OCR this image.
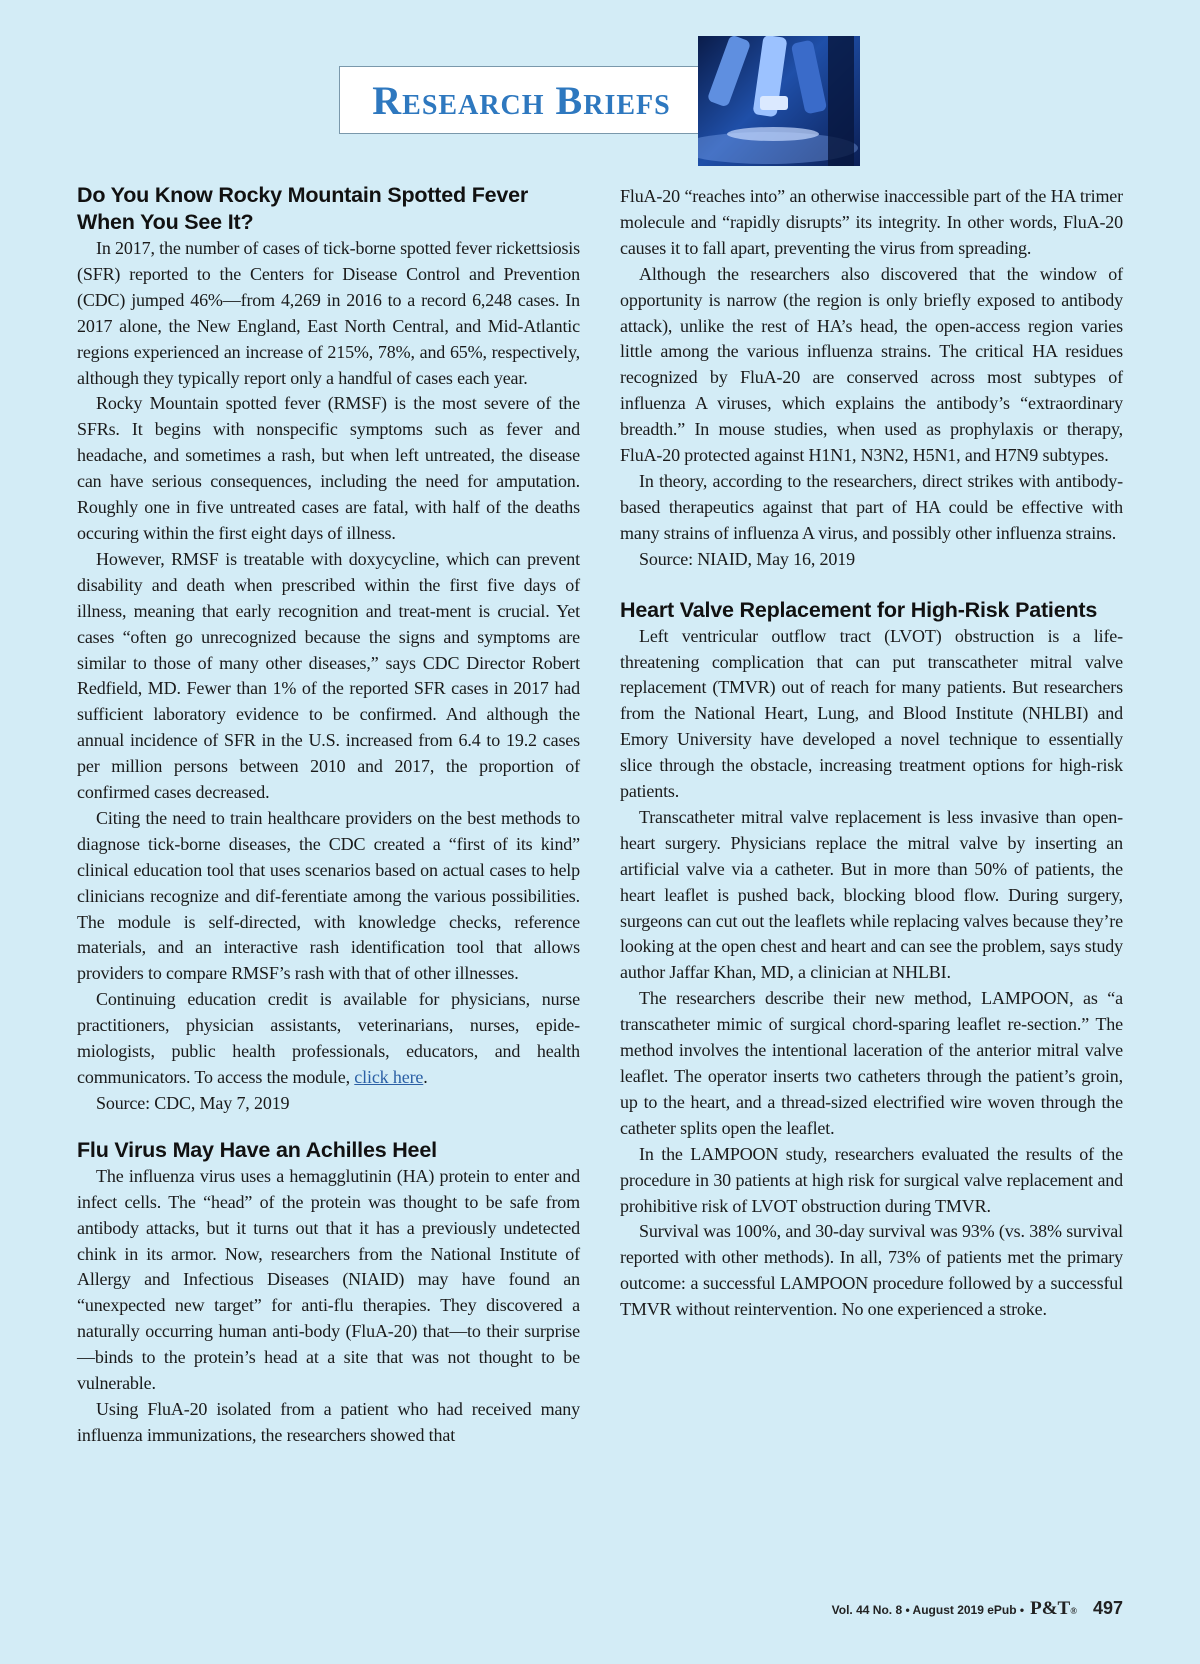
Research Briefs
Do You Know Rocky Mountain Spotted Fever When You See It?

In 2017, the number of cases of tick-borne spotted fever rickettsiosis (SFR) reported to the Centers for Disease Control and Prevention (CDC) jumped 46%—from 4,269 in 2016 to a record 6,248 cases. In 2017 alone, the New England, East North Central, and Mid-Atlantic regions experienced an increase of 215%, 78%, and 65%, respectively, although they typically report only a handful of cases each year.

Rocky Mountain spotted fever (RMSF) is the most severe of the SFRs. It begins with nonspecific symptoms such as fever and headache, and sometimes a rash, but when left untreated, the disease can have serious consequences, including the need for amputation. Roughly one in five untreated cases are fatal, with half of the deaths occuring within the first eight days of illness.

However, RMSF is treatable with doxycycline, which can prevent disability and death when prescribed within the first five days of illness, meaning that early recognition and treat-ment is crucial. Yet cases “often go unrecognized because the signs and symptoms are similar to those of many other diseases,” says CDC Director Robert Redfield, MD. Fewer than 1% of the reported SFR cases in 2017 had sufficient laboratory evidence to be confirmed. And although the annual incidence of SFR in the U.S. increased from 6.4 to 19.2 cases per million persons between 2010 and 2017, the proportion of confirmed cases decreased.

Citing the need to train healthcare providers on the best methods to diagnose tick-borne diseases, the CDC created a “first of its kind” clinical education tool that uses scenarios based on actual cases to help clinicians recognize and dif-ferentiate among the various possibilities. The module is self-directed, with knowledge checks, reference materials, and an interactive rash identification tool that allows providers to compare RMSF’s rash with that of other illnesses.

Continuing education credit is available for physicians, nurse practitioners, physician assistants, veterinarians, nurses, epide-miologists, public health professionals, educators, and health communicators. To access the module, click here.

Source: CDC, May 7, 2019

Flu Virus May Have an Achilles Heel

The influenza virus uses a hemagglutinin (HA) protein to enter and infect cells. The “head” of the protein was thought to be safe from antibody attacks, but it turns out that it has a previously undetected chink in its armor. Now, researchers from the National Institute of Allergy and Infectious Diseases (NIAID) may have found an “unexpected new target” for anti-flu therapies. They discovered a naturally occurring human anti-body (FluA-20) that—to their surprise—binds to the protein’s head at a site that was not thought to be vulnerable.

Using FluA-20 isolated from a patient who had received many influenza immunizations, the researchers showed that

FluA-20 “reaches into” an otherwise inaccessible part of the HA trimer molecule and “rapidly disrupts” its integrity. In other words, FluA-20 causes it to fall apart, preventing the virus from spreading.

Although the researchers also discovered that the window of opportunity is narrow (the region is only briefly exposed to antibody attack), unlike the rest of HA’s head, the open-access region varies little among the various influenza strains. The critical HA residues recognized by FluA-20 are conserved across most subtypes of influenza A viruses, which explains the antibody’s “extraordinary breadth.” In mouse studies, when used as prophylaxis or therapy, FluA-20 protected against H1N1, N3N2, H5N1, and H7N9 subtypes.

In theory, according to the researchers, direct strikes with antibody-based therapeutics against that part of HA could be effective with many strains of influenza A virus, and possibly other influenza strains.

Source: NIAID, May 16, 2019

Heart Valve Replacement for High-Risk Patients

Left ventricular outflow tract (LVOT) obstruction is a life-threatening complication that can put transcatheter mitral valve replacement (TMVR) out of reach for many patients. But researchers from the National Heart, Lung, and Blood Institute (NHLBI) and Emory University have developed a novel technique to essentially slice through the obstacle, increasing treatment options for high-risk patients.

Transcatheter mitral valve replacement is less invasive than open-heart surgery. Physicians replace the mitral valve by inserting an artificial valve via a catheter. But in more than 50% of patients, the heart leaflet is pushed back, blocking blood flow. During surgery, surgeons can cut out the leaflets while replacing valves because they’re looking at the open chest and heart and can see the problem, says study author Jaffar Khan, MD, a clinician at NHLBI.

The researchers describe their new method, LAMPOON, as “a transcatheter mimic of surgical chord-sparing leaflet re-section.” The method involves the intentional laceration of the anterior mitral valve leaflet. The operator inserts two catheters through the patient’s groin, up to the heart, and a thread-sized electrified wire woven through the catheter splits open the leaflet.

In the LAMPOON study, researchers evaluated the results of the procedure in 30 patients at high risk for surgical valve replacement and prohibitive risk of LVOT obstruction during TMVR.

Survival was 100%, and 30-day survival was 93% (vs. 38% survival reported with other methods). In all, 73% of patients met the primary outcome: a successful LAMPOON procedure followed by a successful TMVR without reintervention. No one experienced a stroke.

Vol. 44 No. 8 • August 2019 ePub • P&T® 497
